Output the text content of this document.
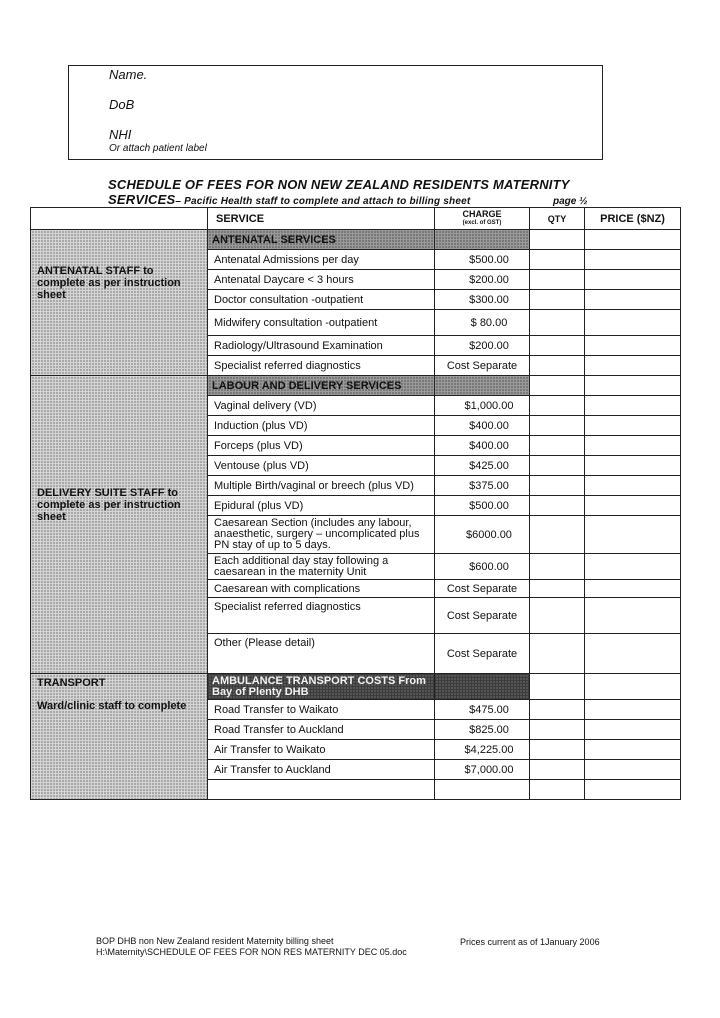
Name.
DoB
NHI
Or attach patient label
SCHEDULE OF FEES FOR NON NEW ZEALAND RESIDENTS MATERNITY
SERVICES– Pacific Health staff to complete and attach to billing sheet	page ½
	SERVICE	CHARGE
(excl. of GST)	QTY	PRICE ($NZ)
ANTENATAL STAFF to complete as per instruction sheet	ANTENATAL SERVICES			
	Antenatal Admissions per day	$500.00		
	Antenatal Daycare < 3 hours	$200.00		
	Doctor consultation -outpatient	$300.00		
	Midwifery consultation -outpatient	$ 80.00		
	Radiology/Ultrasound Examination	$200.00		
	Specialist referred diagnostics	Cost Separate		
DELIVERY SUITE STAFF to complete as per instruction sheet	LABOUR AND DELIVERY SERVICES			
	Vaginal delivery (VD)	$1,000.00		
	Induction (plus VD)	$400.00		
	Forceps (plus VD)	$400.00		
	Ventouse (plus VD)	$425.00		
	Multiple Birth/vaginal or breech (plus VD)	$375.00		
	Epidural (plus VD)	$500.00		
	Caesarean Section (includes any labour, anaesthetic, surgery – uncomplicated plus PN stay of up to 5 days.	$6000.00		
	Each additional day stay following a caesarean in the maternity Unit	$600.00		
	Caesarean with complications	Cost Separate		
	Specialist referred diagnostics	Cost Separate		
	Other (Please detail)	Cost Separate		
TRANSPORT
Ward/clinic staff to complete	AMBULANCE TRANSPORT COSTS From Bay of Plenty DHB			
	Road Transfer to Waikato	$475.00		
	Road Transfer to Auckland	$825.00		
	Air Transfer to Waikato	$4,225.00		
	Air Transfer to Auckland	$7,000.00		

BOP DHB non New Zealand resident Maternity billing sheet
H:\Maternity\SCHEDULE OF FEES FOR NON RES MATERNITY DEC 05.doc
Prices current as of 1January 2006
